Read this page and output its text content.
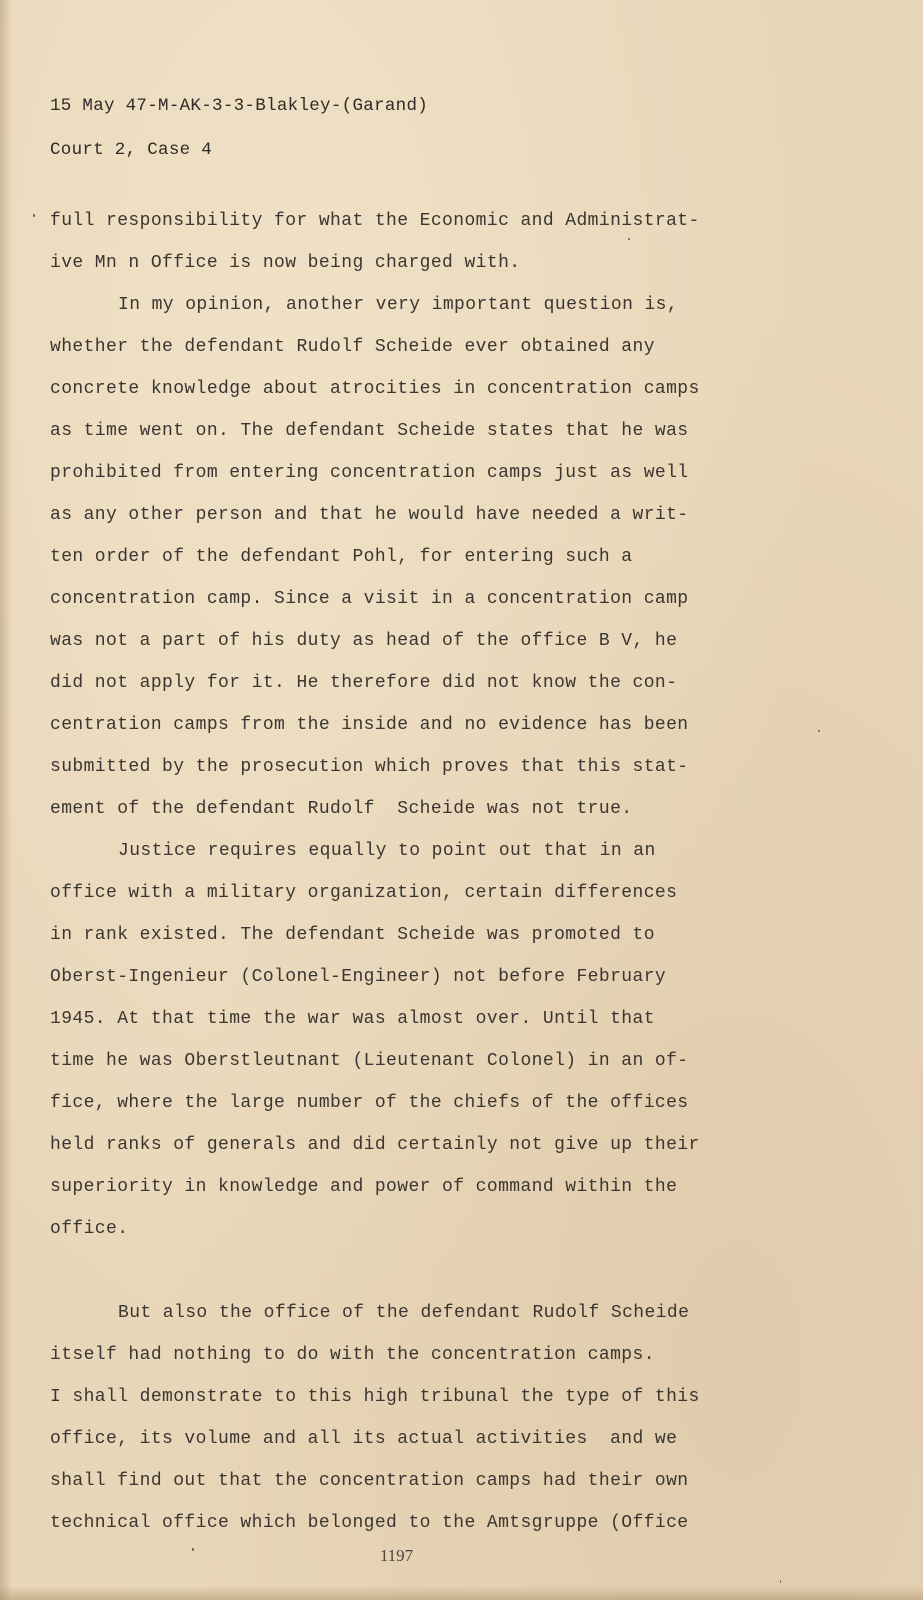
15 May 47-M-AK-3-3-Blakley-(Garand)
Court 2, Case 4
full responsibility for what the Economic and Administrat-
ive Mn n Office is now being charged with.
In my opinion, another very important question is,
whether the defendant Rudolf Scheide ever obtained any
concrete knowledge about atrocities in concentration camps
as time went on. The defendant Scheide states that he was
prohibited from entering concentration camps just as well
as any other person and that he would have needed a writ-
ten order of the defendant Pohl, for entering such a
concentration camp. Since a visit in a concentration camp
was not a part of his duty as head of the office B V, he
did not apply for it. He therefore did not know the con-
centration camps from the inside and no evidence has been
submitted by the prosecution which proves that this stat-
ement of the defendant Rudolf  Scheide was not true.
Justice requires equally to point out that in an
office with a military organization, certain differences
in rank existed. The defendant Scheide was promoted to
Oberst-Ingenieur (Colonel-Engineer) not before February
1945. At that time the war was almost over. Until that
time he was Oberstleutnant (Lieutenant Colonel) in an of-
fice, where the large number of the chiefs of the offices
held ranks of generals and did certainly not give up their
superiority in knowledge and power of command within the
office.
But also the office of the defendant Rudolf Scheide
itself had nothing to do with the concentration camps.
I shall demonstrate to this high tribunal the type of this
office, its volume and all its actual activities  and we
shall find out that the concentration camps had their own
technical office which belonged to the Amtsgruppe (Office
1197
